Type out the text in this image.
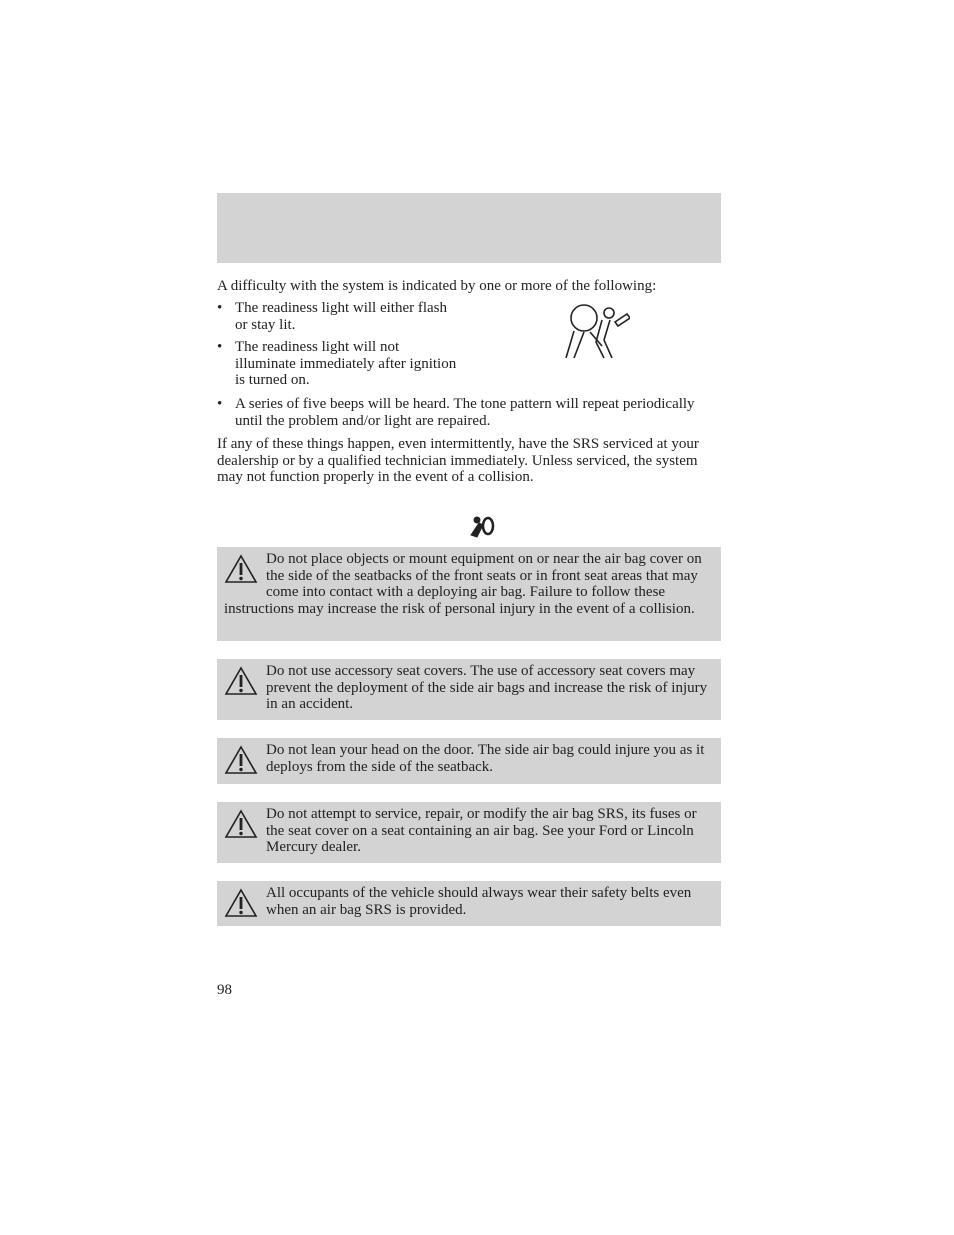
A difficulty with the system is indicated by one or more of the following:
• The readiness light will either flash or stay lit.
• The readiness light will not illuminate immediately after ignition is turned on.
• A series of five beeps will be heard. The tone pattern will repeat periodically until the problem and/or light are repaired.
If any of these things happen, even intermittently, have the SRS serviced at your dealership or by a qualified technician immediately. Unless serviced, the system may not function properly in the event of a collision.
Do not place objects or mount equipment on or near the air bag cover on the side of the seatbacks of the front seats or in front seat areas that may come into contact with a deploying air bag. Failure to follow these instructions may increase the risk of personal injury in the event of a collision.
Do not use accessory seat covers. The use of accessory seat covers may prevent the deployment of the side air bags and increase the risk of injury in an accident.
Do not lean your head on the door. The side air bag could injure you as it deploys from the side of the seatback.
Do not attempt to service, repair, or modify the air bag SRS, its fuses or the seat cover on a seat containing an air bag. See your Ford or Lincoln Mercury dealer.
All occupants of the vehicle should always wear their safety belts even when an air bag SRS is provided.
98
